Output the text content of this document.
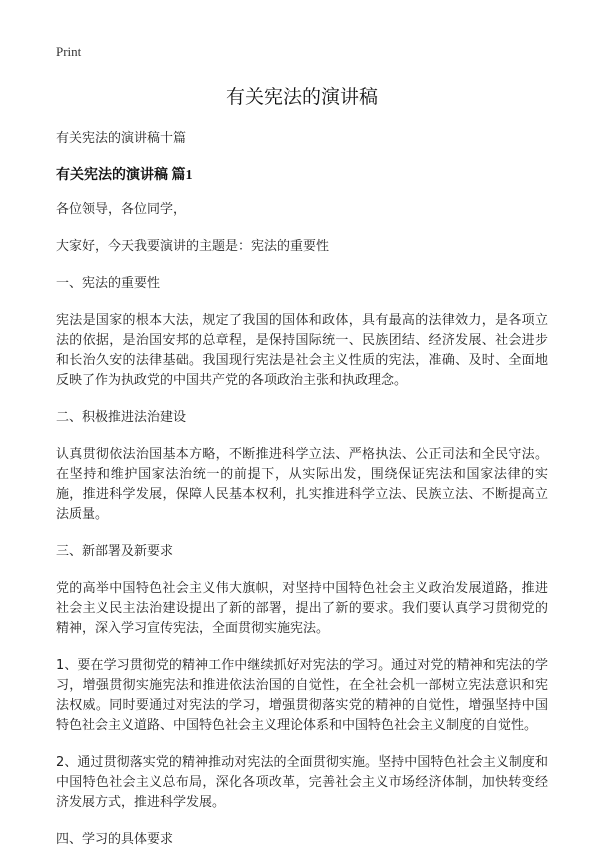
Print
有关宪法的演讲稿
有关宪法的演讲稿十篇
有关宪法的演讲稿 篇1
各位领导，各位同学，
大家好，今天我要演讲的主题是：宪法的重要性
一、宪法的重要性
宪法是国家的根本大法，规定了我国的国体和政体，具有最高的法律效力，是各项立法的依据，是治国安邦的总章程，是保持国际统一、民族团结、经济发展、社会进步和长治久安的法律基础。我国现行宪法是社会主义性质的宪法，准确、及时、全面地反映了作为执政党的中国共产党的各项政治主张和执政理念。
二、积极推进法治建设
认真贯彻依法治国基本方略，不断推进科学立法、严格执法、公正司法和全民守法。在坚持和维护国家法治统一的前提下，从实际出发，围绕保证宪法和国家法律的实施，推进科学发展，保障人民基本权利，扎实推进科学立法、民族立法、不断提高立法质量。
三、新部署及新要求
党的高举中国特色社会主义伟大旗帜，对坚持中国特色社会主义政治发展道路，推进社会主义民主法治建设提出了新的部署，提出了新的要求。我们要认真学习贯彻党的精神，深入学习宣传宪法，全面贯彻实施宪法。
1、要在学习贯彻党的精神工作中继续抓好对宪法的学习。通过对党的精神和宪法的学习，增强贯彻实施宪法和推进依法治国的自觉性，在全社会机一部树立宪法意识和宪法权威。同时要通过对宪法的学习，增强贯彻落实党的精神的自觉性，增强坚持中国特色社会主义道路、中国特色社会主义理论体系和中国特色社会主义制度的自觉性。
2、通过贯彻落实党的精神推动对宪法的全面贯彻实施。坚持中国特色社会主义制度和中国特色社会主义总布局，深化各项改革，完善社会主义市场经济体制，加快转变经济发展方式，推进科学发展。
四、学习的具体要求
